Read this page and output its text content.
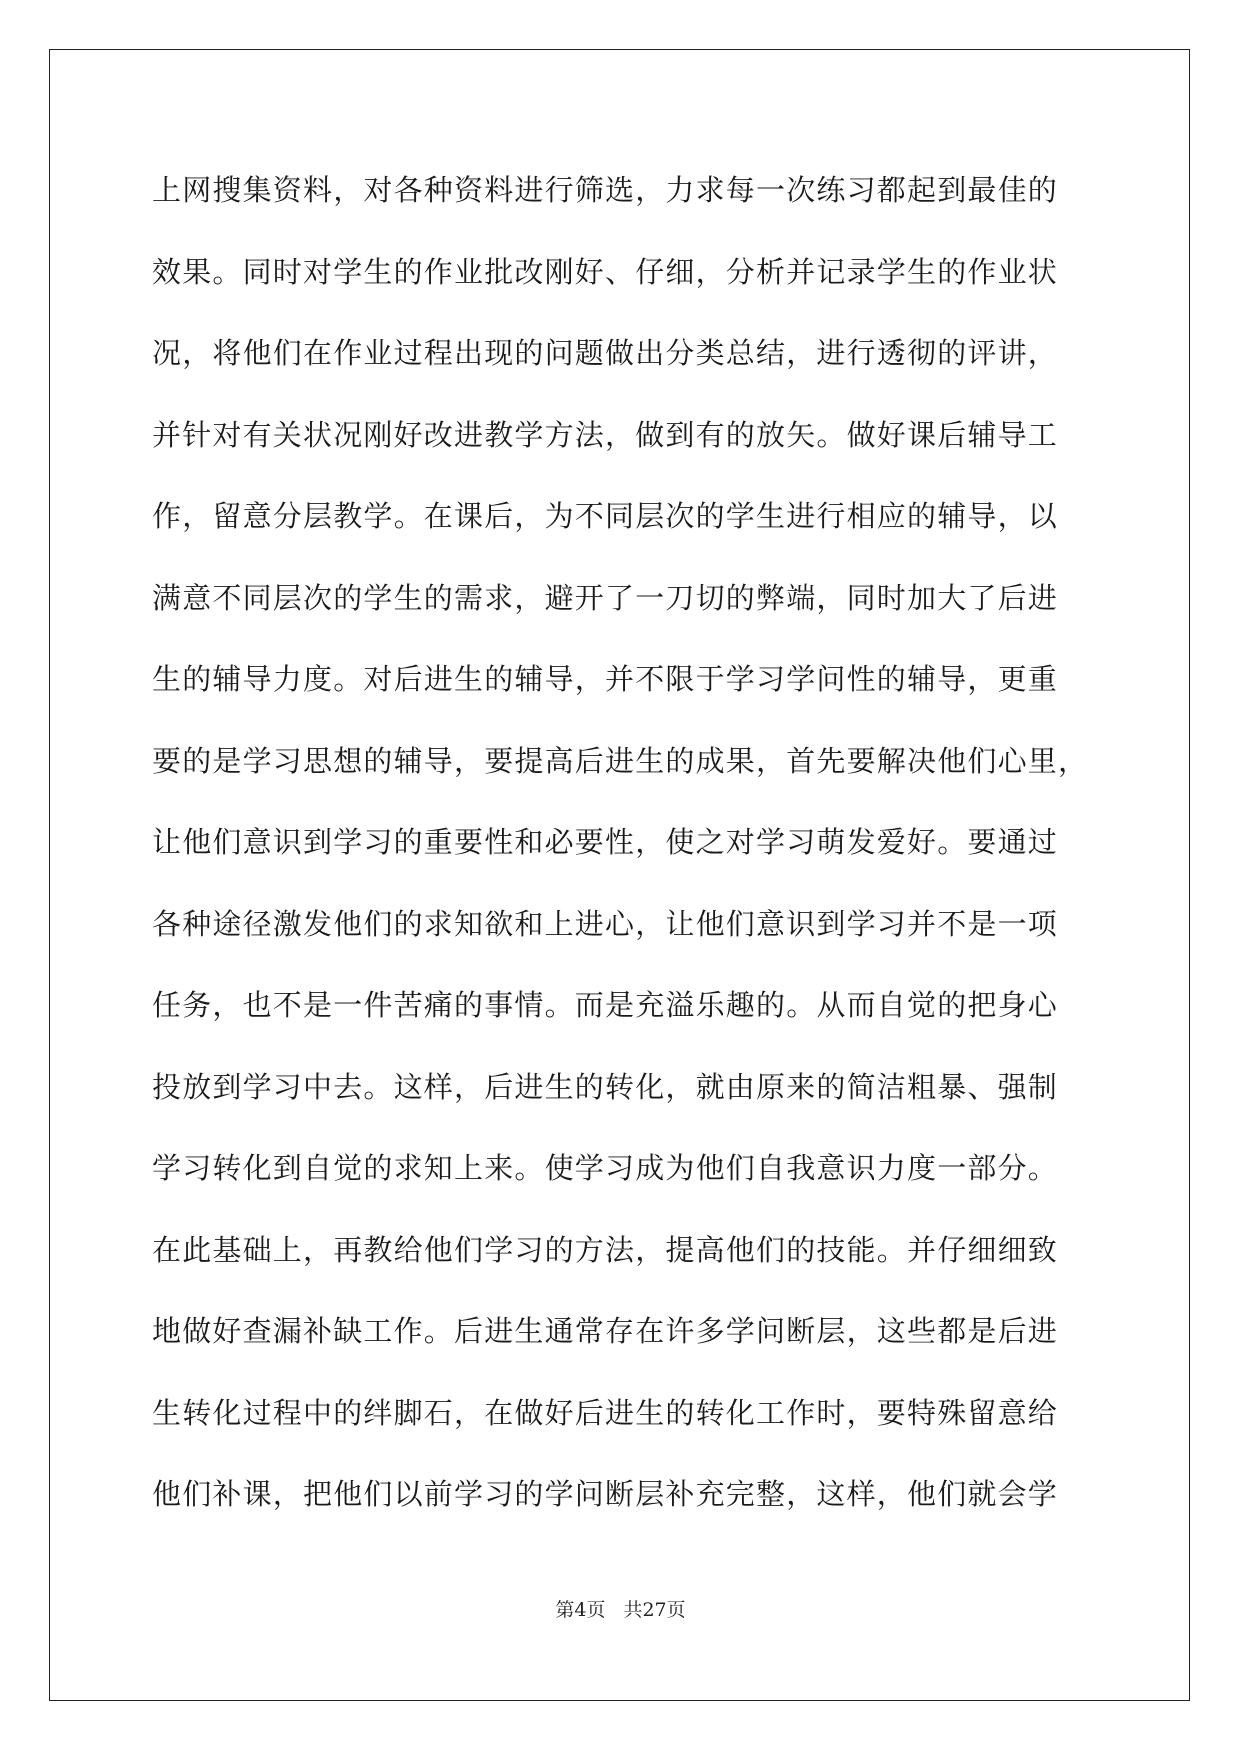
上网搜集资料，对各种资料进行筛选，力求每一次练习都起到最佳的
效果。同时对学生的作业批改刚好、仔细，分析并记录学生的作业状
况，将他们在作业过程出现的问题做出分类总结，进行透彻的评讲，
并针对有关状况刚好改进教学方法，做到有的放矢。做好课后辅导工
作，留意分层教学。在课后，为不同层次的学生进行相应的辅导，以
满意不同层次的学生的需求，避开了一刀切的弊端，同时加大了后进
生的辅导力度。对后进生的辅导，并不限于学习学问性的辅导，更重
要的是学习思想的辅导，要提高后进生的成果，首先要解决他们心里，
让他们意识到学习的重要性和必要性，使之对学习萌发爱好。要通过
各种途径激发他们的求知欲和上进心，让他们意识到学习并不是一项
任务，也不是一件苦痛的事情。而是充溢乐趣的。从而自觉的把身心
投放到学习中去。这样，后进生的转化，就由原来的简洁粗暴、强制
学习转化到自觉的求知上来。使学习成为他们自我意识力度一部分。
在此基础上，再教给他们学习的方法，提高他们的技能。并仔细细致
地做好查漏补缺工作。后进生通常存在许多学问断层，这些都是后进
生转化过程中的绊脚石，在做好后进生的转化工作时，要特殊留意给
他们补课，把他们以前学习的学问断层补充完整，这样，他们就会学
第4页 共27页
